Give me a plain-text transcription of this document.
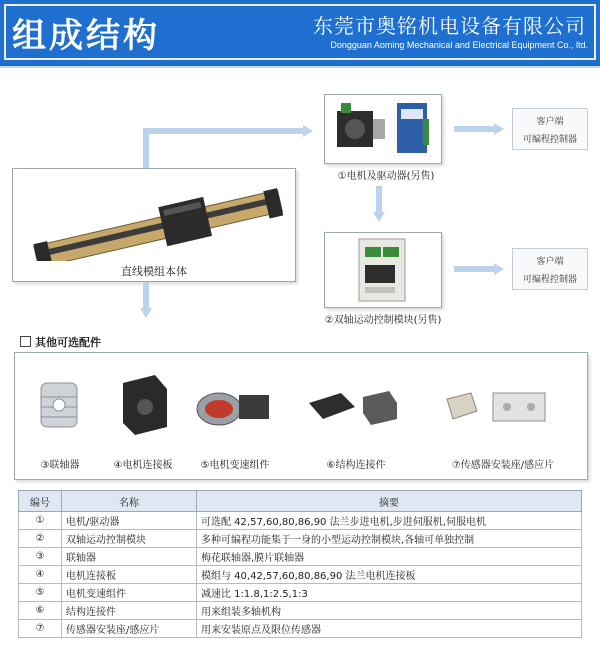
组成结构	东莞市奥铭机电设备有限公司
Dongguan Aoming Mechanical and Electrical Equipment Co., ltd.
直线模组本体
①电机及驱动器(另售)
客户端
可编程控制器
②双轴运动控制模块(另售)
客户端
可编程控制器
其他可选配件
③联轴器	④电机连接板	⑤电机变速组件	⑥结构连接件	⑦传感器安装座/感应片
编号	名称	摘要
①	电机/驱动器	可选配 42,57,60,80,86,90 法兰步进电机,步进伺服机,伺服电机
②	双轴运动控制模块	多种可编程功能集于一身的小型运动控制模块,各轴可单独控制
③	联轴器	梅花联轴器,膜片联轴器
④	电机连接板	模组与 40,42,57,60,80,86,90 法兰电机连接板
⑤	电机变速组件	减速比 1:1.8,1:2.5,1:3
⑥	结构连接件	用来组装多轴机构
⑦	传感器安装座/感应片	用来安装原点及限位传感器
